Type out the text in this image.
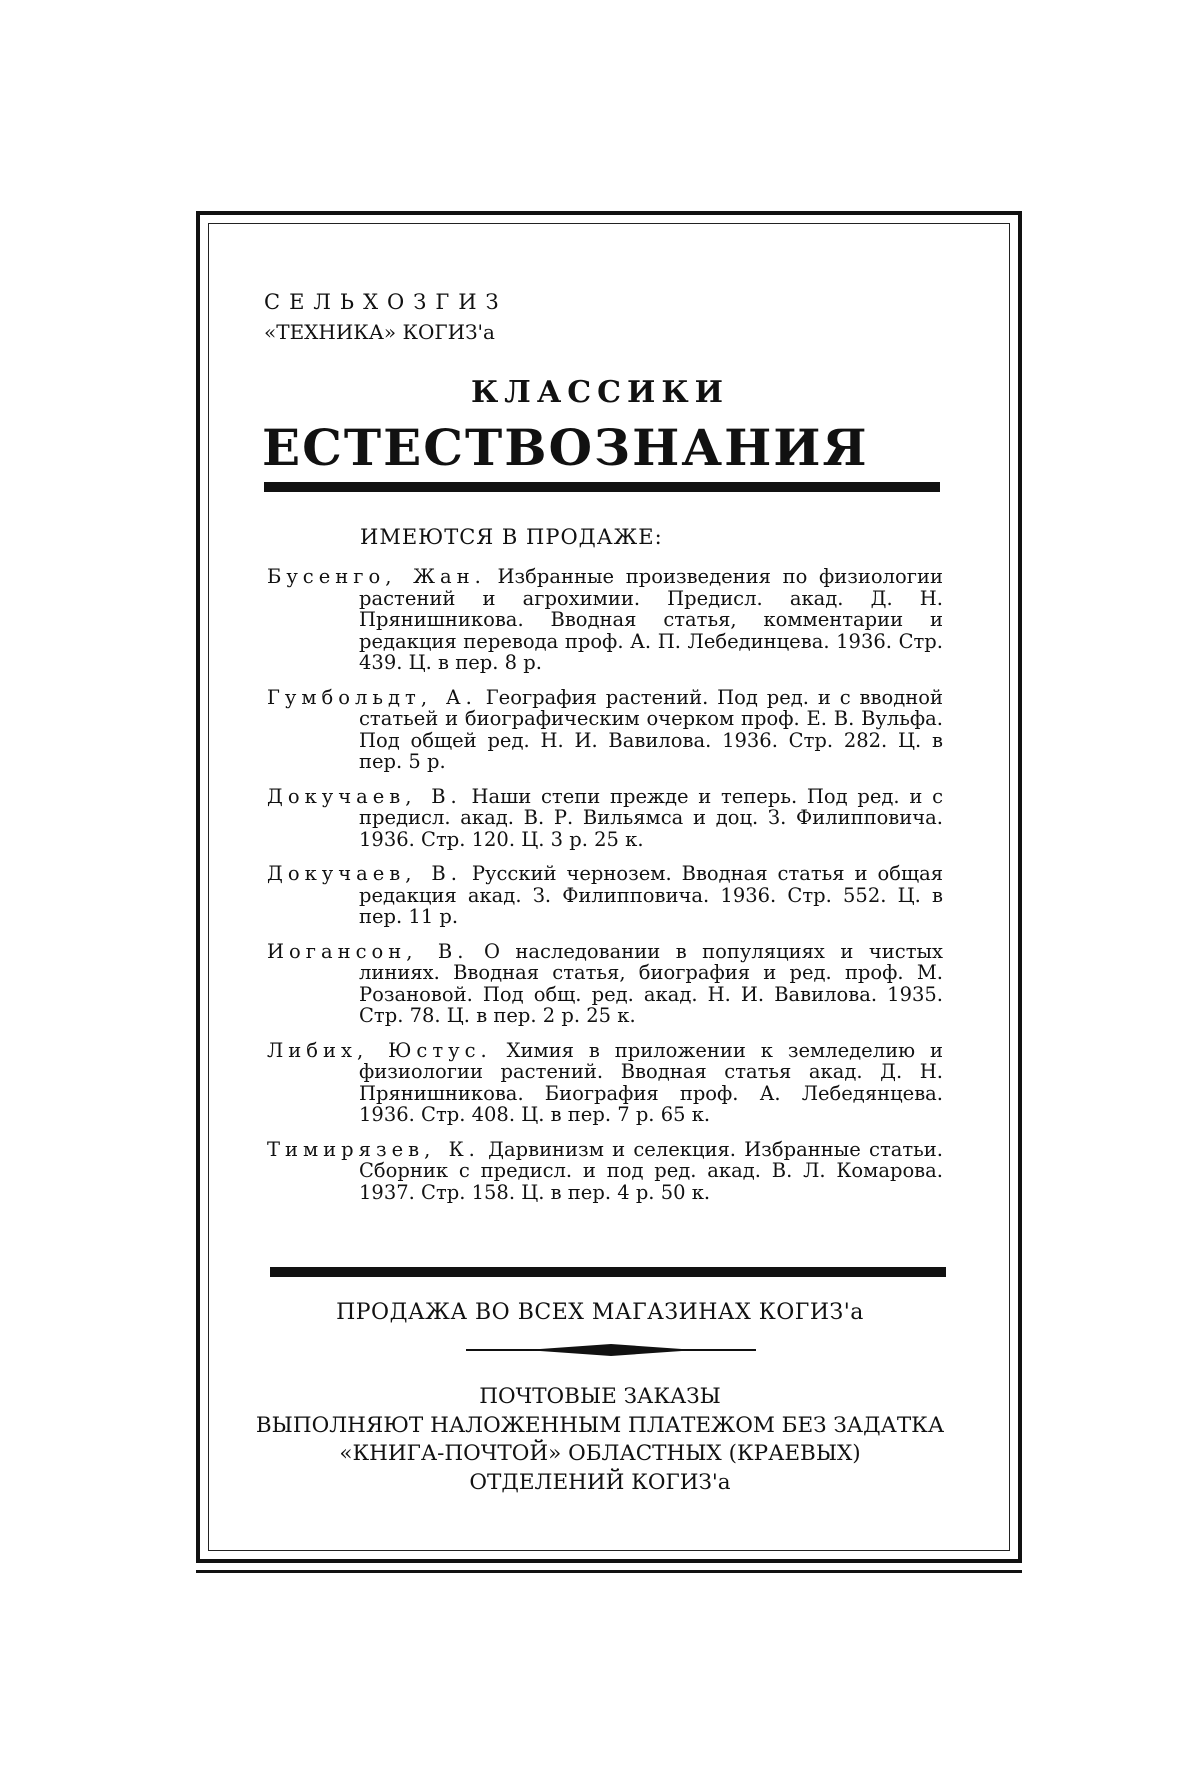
СЕЛЬХОЗГИЗ
«ТЕХНИКА» КОГИЗ'а
КЛАССИКИ
ЕСТЕСТВОЗНАНИЯ
ИМЕЮТСЯ В ПРОДАЖЕ:
Бусенго, Жан. Избранные произведения по физиологии растений и агрохимии. Предисл. акад. Д. Н. Прянишникова. Вводная статья, комментарии и редакция перевода проф. А. П. Лебединцева. 1936. Стр. 439. Ц. в пер. 8 р.
Гумбольдт, А. География растений. Под ред. и с вводной статьей и биографическим очерком проф. Е. В. Вульфа. Под общей ред. Н. И. Вавилова. 1936. Стр. 282. Ц. в пер. 5 р.
Докучаев, В. Наши степи прежде и теперь. Под ред. и с предисл. акад. В. Р. Вильямса и доц. З. Филипповича. 1936. Стр. 120. Ц. 3 р. 25 к.
Докучаев, В. Русский чернозем. Вводная статья и общая редакция акад. З. Филипповича. 1936. Стр. 552. Ц. в пер. 11 р.
Иогансон, В. О наследовании в популяциях и чистых линиях. Вводная статья, биография и ред. проф. М. Розановой. Под общ. ред. акад. Н. И. Вавилова. 1935. Стр. 78. Ц. в пер. 2 р. 25 к.
Либих, Юстус. Химия в приложении к земледелию и физиологии растений. Вводная статья акад. Д. Н. Прянишникова. Биография проф. А. Лебедянцева. 1936. Стр. 408. Ц. в пер. 7 р. 65 к.
Тимирязев, К. Дарвинизм и селекция. Избранные статьи. Сборник с предисл. и под ред. акад. В. Л. Комарова. 1937. Стр. 158. Ц. в пер. 4 р. 50 к.
ПРОДАЖА ВО ВСЕХ МАГАЗИНАХ КОГИЗ'а
ПОЧТОВЫЕ ЗАКАЗЫ
ВЫПОЛНЯЮТ НАЛОЖЕННЫМ ПЛАТЕЖОМ БЕЗ ЗАДАТКА
«КНИГА-ПОЧТОЙ» ОБЛАСТНЫХ (КРАЕВЫХ)
ОТДЕЛЕНИЙ КОГИЗ'а
